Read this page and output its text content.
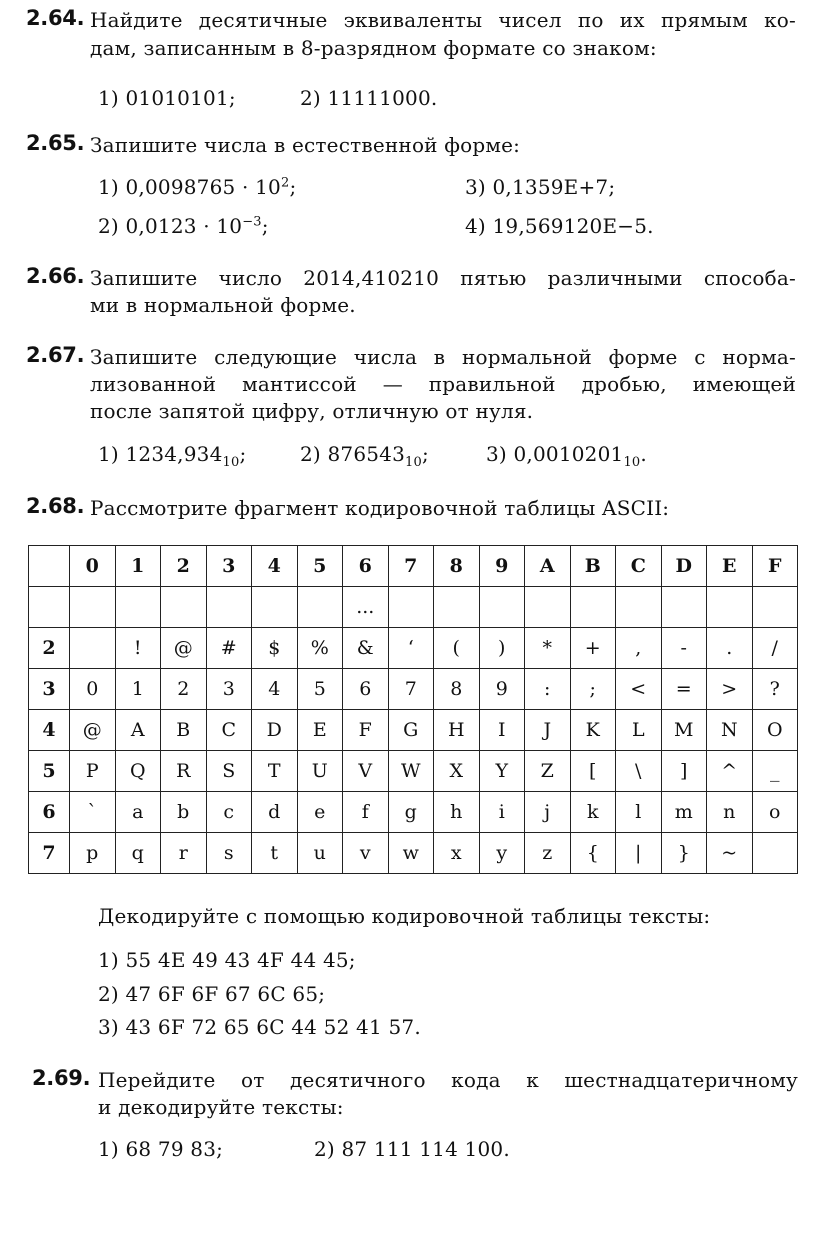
2.64. Найдите десятичные эквиваленты чисел по их прямым ко-
дам, записанным в 8-разрядном формате со знаком:
1) 01010101;	2) 11111000.
2.65. Запишите числа в естественной форме:
1) $0,0098765 \cdot 10^2$;	3) 0,1359E+7;
2) $0,0123 \cdot 10^{-3}$;	4) 19,569120E−5.
2.66. Запишите число 2014,410210 пятью различными способа-
ми в нормальной форме.
2.67. Запишите следующие числа в нормальной форме с норма-
лизованной мантиссой — правильной дробью, имеющей
после запятой цифру, отличную от нуля.
1) $1234,934_{10}$;	2) $876543_{10}$;	3) $0,0010201_{10}$.
2.68. Рассмотрите фрагмент кодировочной таблицы ASCII:
	0	1	2	3	4	5	6	7	8	9	A	B	C	D	E	F
							...									
2		!	@	#	$	%	&	‘	(	)	*	+	,	-	.	/
3	0	1	2	3	4	5	6	7	8	9	:	;	<	=	>	?
4	@	A	B	C	D	E	F	G	H	I	J	K	L	M	N	O
5	P	Q	R	S	T	U	V	W	X	Y	Z	[	\	]	^	_
6	`	a	b	c	d	e	f	g	h	i	j	k	l	m	n	o
7	p	q	r	s	t	u	v	w	x	y	z	{	|	}	~	
Декодируйте с помощью кодировочной таблицы тексты:
1) 55 4E 49 43 4F 44 45;
2) 47 6F 6F 67 6C 65;
3) 43 6F 72 65 6C 44 52 41 57.
2.69. Перейдите от десятичного кода к шестнадцатеричному
и декодируйте тексты:
1) 68 79 83;	2) 87 111 114 100.
